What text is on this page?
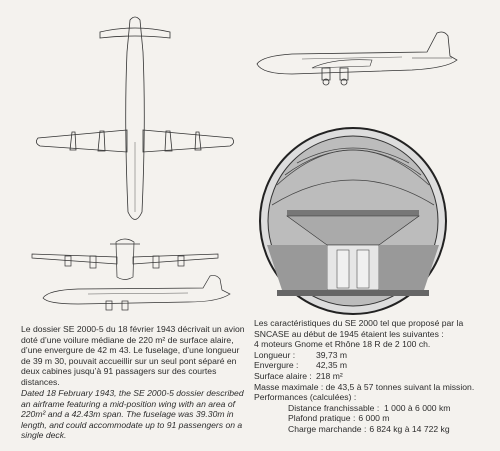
Le dossier SE 2000-5 du 18 février 1943 décrivait un avion doté d’une voilure médiane de 220 m² de surface alaire, d’une envergure de 42 m 43. Le fuselage, d’une longueur de 39 m 30, pouvait accueillir sur un seul pont séparé en deux cabines jusqu’à 91 passagers sur des courtes distances.

Dated 18 February 1943, the SE 2000-5 dossier described an airframe featuring a mid-position wing with an area of 220m² and a 42.43m span. The fuselage was 39.30m in length, and could accommodate up to 91 passengers on a single deck.

Les caractéristiques du SE 2000 tel que proposé par la SNCASE au début de 1945 étaient les suivantes :

4 moteurs Gnome et Rhône 18 R de 2 100 ch.

Longueur :	39,73 m
Envergure :	42,35 m
Surface alaire : 218 m²

Masse maximale : de 43,5 à 57 tonnes suivant la mission.

Performances (calculées) :

Distance franchissable : 1 000 à 6 000 km
Plafond pratique : 6 000 m
Charge marchande : 6 824 kg à 14 722 kg
